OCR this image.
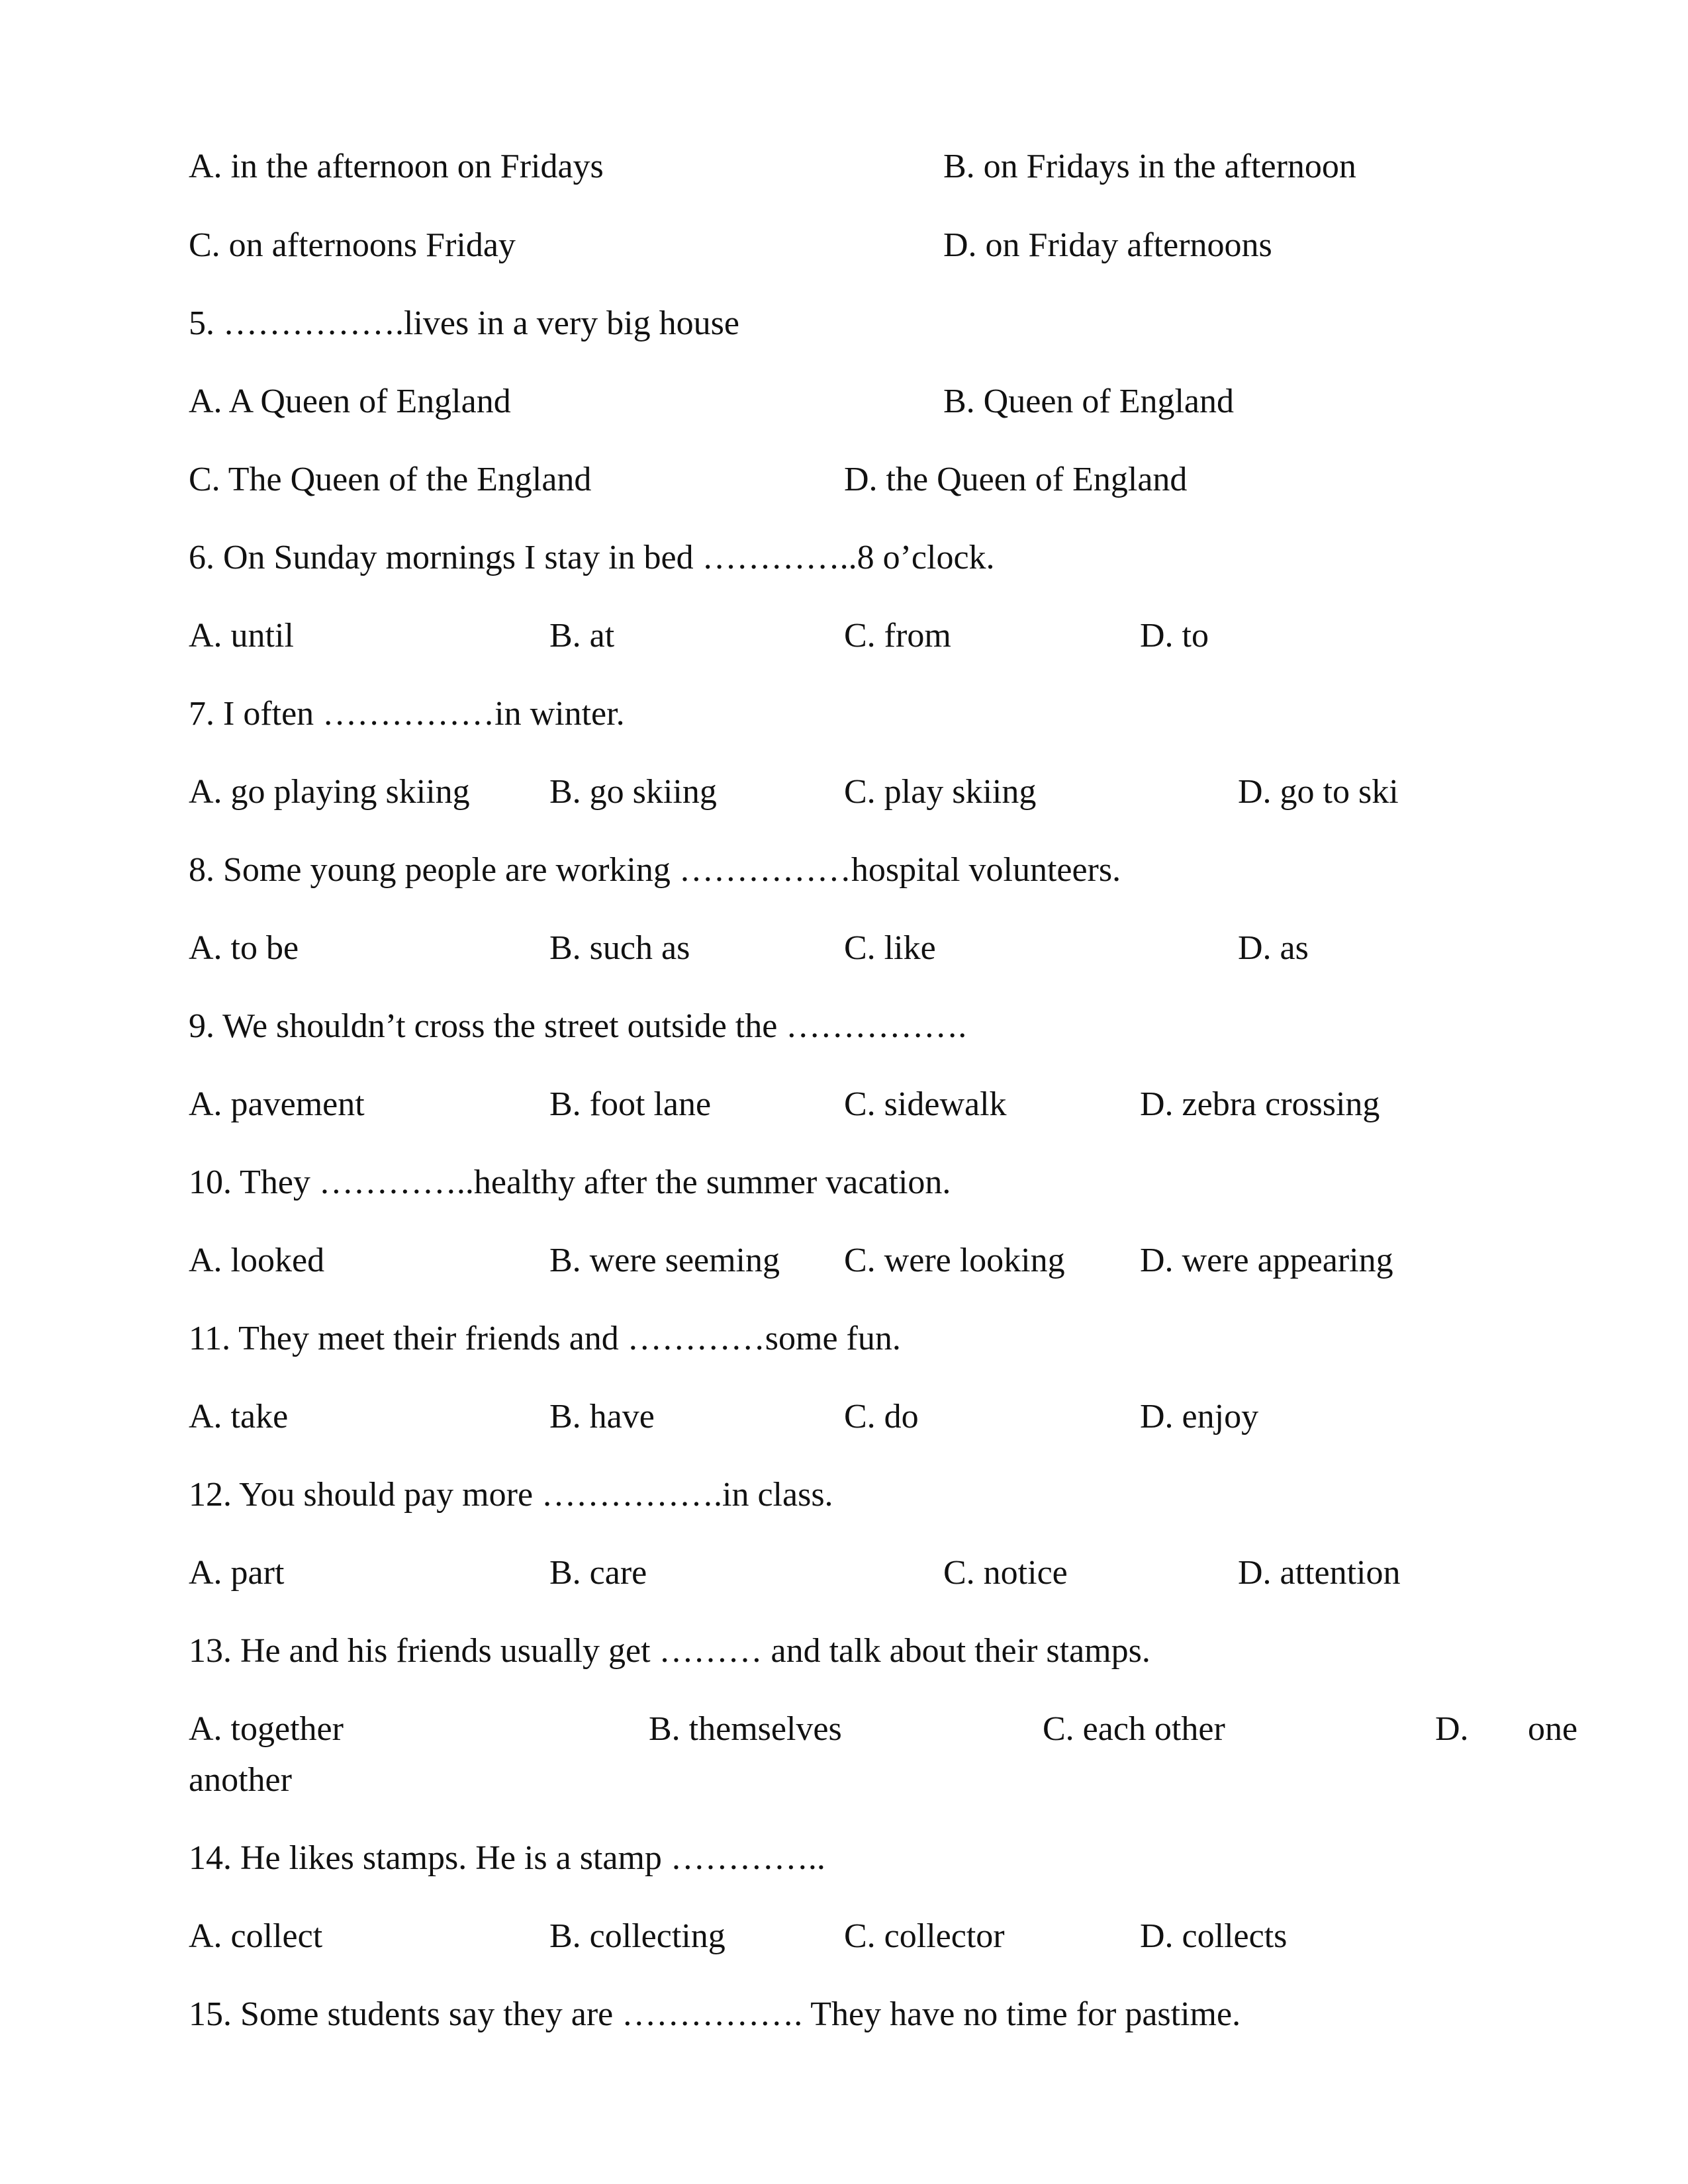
A. in the afternoon on Fridays	B. on Fridays in the afternoon
C. on afternoons Friday	D. on Friday afternoons
5. …………….lives in a very big house
A. A Queen of England	B. Queen of England
C. The Queen of the England	D. the Queen of England
6. On Sunday mornings I stay in bed …………..8 o’clock.
A. until	B. at	C. from	D. to
7. I often ……………in winter.
A. go playing skiing B. go skiing	C. play skiing	D. go to ski
8. Some young people are working ……………hospital volunteers.
A. to be	B. such as	C. like	D. as
9. We shouldn’t cross the street outside the …………….
A. pavement	B. foot lane	C. sidewalk	D. zebra crossing
10. They …………..healthy after the summer vacation.
A. looked	B. were seeming C. were looking D. were appearing
11. They meet their friends and …………some fun.
A. take	B. have	C. do	D. enjoy
12. You should pay more …………….in class.
A. part	B. care	C. notice	D. attention
13. He and his friends usually get ……… and talk about their stamps.
A. together	B. themselves	C. each other	D. one
another
14. He likes stamps. He is a stamp …………..
A. collect	B. collecting	C. collector	D. collects
15. Some students say they are ……………. They have no time for pastime.
